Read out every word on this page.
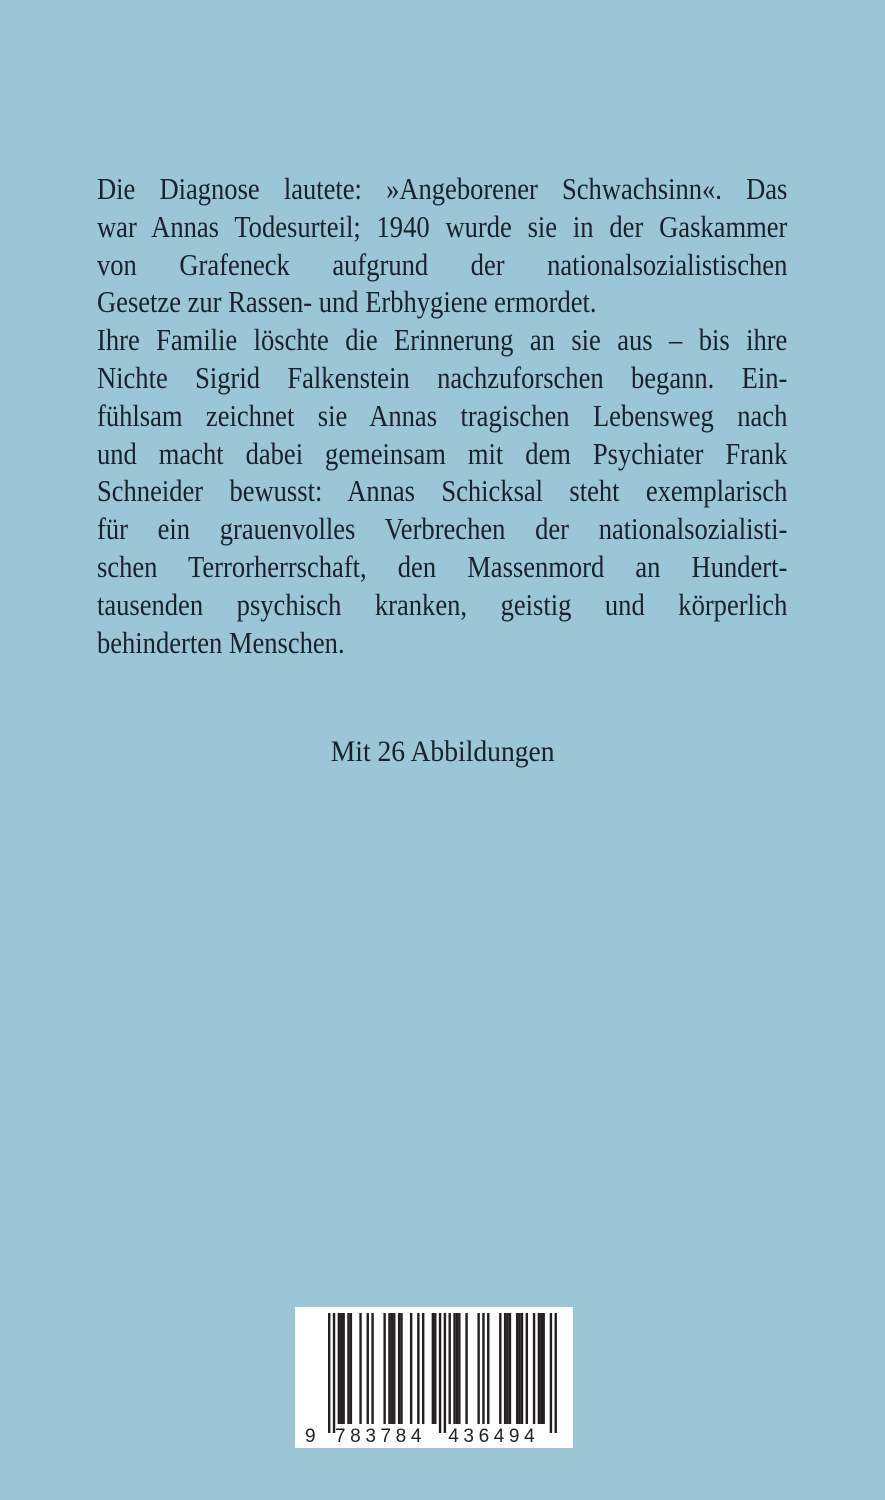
Die Diagnose lautete: »Angeborener Schwachsinn«. Das
war Annas Todesurteil; 1940 wurde sie in der Gaskammer
von Grafeneck aufgrund der nationalsozialistischen
Gesetze zur Rassen- und Erbhygiene ermordet.
Ihre Familie löschte die Erinnerung an sie aus – bis ihre
Nichte Sigrid Falkenstein nachzuforschen begann. Ein-
fühlsam zeichnet sie Annas tragischen Lebensweg nach
und macht dabei gemeinsam mit dem Psychiater Frank
Schneider bewusst: Annas Schicksal steht exemplarisch
für ein grauenvolles Verbrechen der nationalsozialisti-
schen Terrorherrschaft, den Massenmord an Hundert-
tausenden psychisch kranken, geistig und körperlich
behinderten Menschen.
Mit 26 Abbildungen
9 783784 436494
